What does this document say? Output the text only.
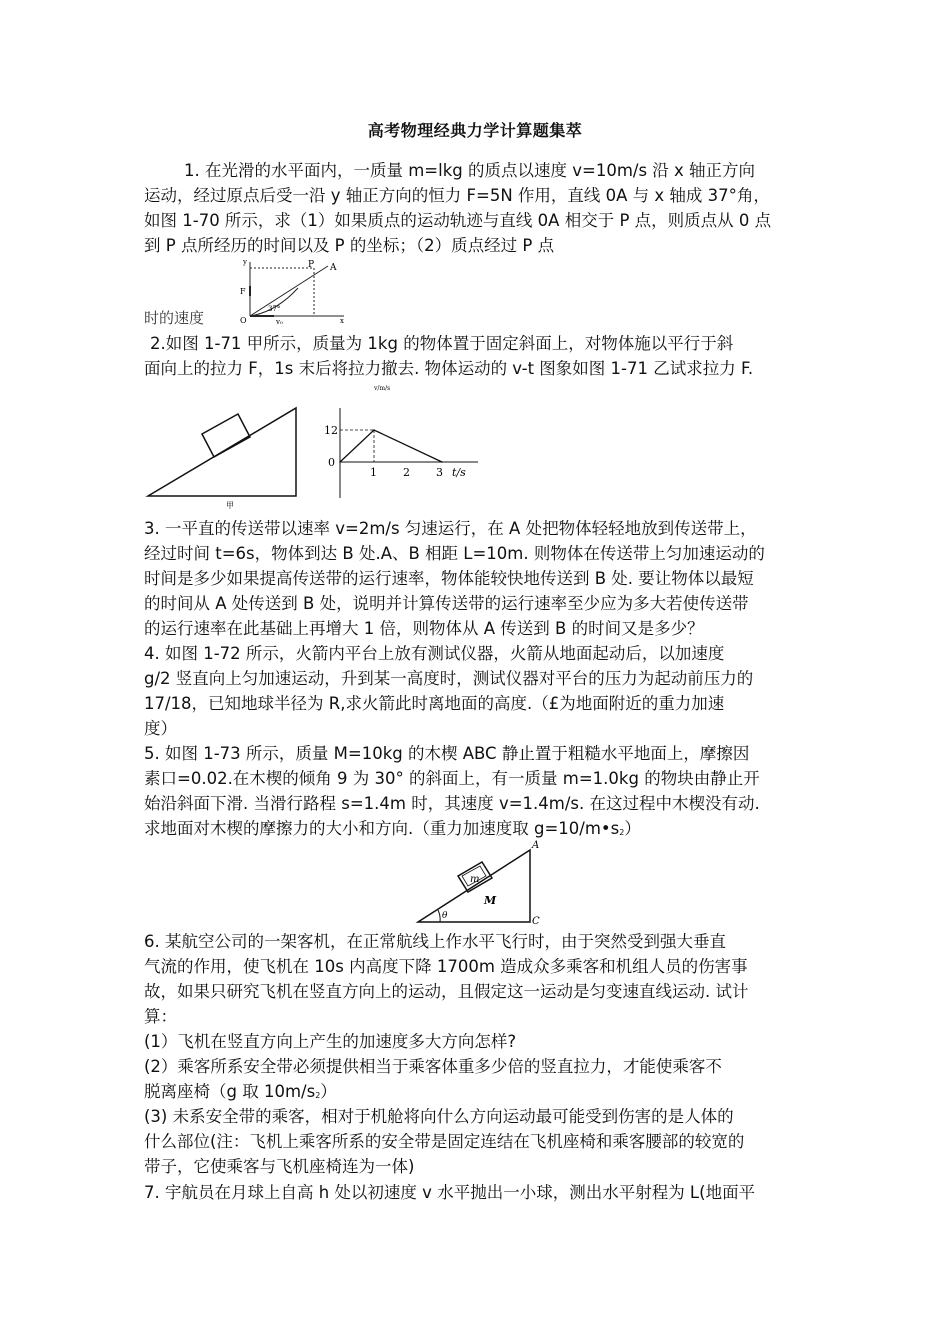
高考物理经典力学计算题集萃
1. 在光滑的水平面内，一质量 m=lkg 的质点以速度 v=10m/s 沿 x 轴正方向
运动，经过原点后受一沿 y 轴正方向的恒力 F=5N 作用，直线 0A 与 x 轴成 37°角，
如图 1-70 所示，求（1）如果质点的运动轨迹与直线 0A 相交于 P 点，则质点从 0 点
到 P 点所经历的时间以及 P 的坐标；（2）质点经过 P 点
y
x
A
P
F
O
37°
v₀
时的速度
2.如图 1-71 甲所示，质量为 1kg 的物体置于固定斜面上，对物体施以平行于斜
面向上的拉力 F，1s 末后将拉力撤去. 物体运动的 v-t 图象如图 1-71 乙试求拉力 F.
甲
v/m/s
12
0
1 2 3 t/s
3. 一平直的传送带以速率 v=2m/s 匀速运行，在 A 处把物体轻轻地放到传送带上，
经过时间 t=6s，物体到达 B 处.A、B 相距 L=10m. 则物体在传送带上匀加速运动的
时间是多少如果提高传送带的运行速率，物体能较快地传送到 B 处. 要让物体以最短
的时间从 A 处传送到 B 处，说明并计算传送带的运行速率至少应为多大若使传送带
的运行速率在此基础上再增大 1 倍，则物体从 A 传送到 B 的时间又是多少？
4. 如图 1-72 所示，火箭内平台上放有测试仪器，火箭从地面起动后，以加速度
g/2 竖直向上匀加速运动，升到某一高度时，测试仪器对平台的压力为起动前压力的
17/18，已知地球半径为 R,求火箭此时离地面的高度.（£为地面附近的重力加速
度）
5. 如图 1-73 所示，质量 M=10kg 的木楔 ABC 静止置于粗糙水平地面上，摩擦因
素口=0.02.在木楔的倾角 9 为 30° 的斜面上，有一质量 m=1.0kg 的物块由静止开
始沿斜面下滑. 当滑行路程 s=1.4m 时，其速度 v=1.4m/s. 在这过程中木楔没有动.
求地面对木楔的摩擦力的大小和方向.（重力加速度取 $g=10/m•s_2$）
A
C
M
m
θ
6. 某航空公司的一架客机，在正常航线上作水平飞行时，由于突然受到强大垂直
气流的作用，使飞机在 10s 内高度下降 1700m 造成众多乘客和机组人员的伤害事
故，如果只研究飞机在竖直方向上的运动，且假定这一运动是匀变速直线运动. 试计
算：
(1）飞机在竖直方向上产生的加速度多大方向怎样?
(2）乘客所系安全带必须提供相当于乘客体重多少倍的竖直拉力，才能使乘客不
脱离座椅（g 取 $10m/s_2$）
(3) 未系安全带的乘客，相对于机舱将向什么方向运动最可能受到伤害的是人体的
什么部位(注：飞机上乘客所系的安全带是固定连结在飞机座椅和乘客腰部的较宽的
带子，它使乘客与飞机座椅连为一体)
7. 宇航员在月球上自高 h 处以初速度 v 水平抛出一小球，测出水平射程为 L(地面平
